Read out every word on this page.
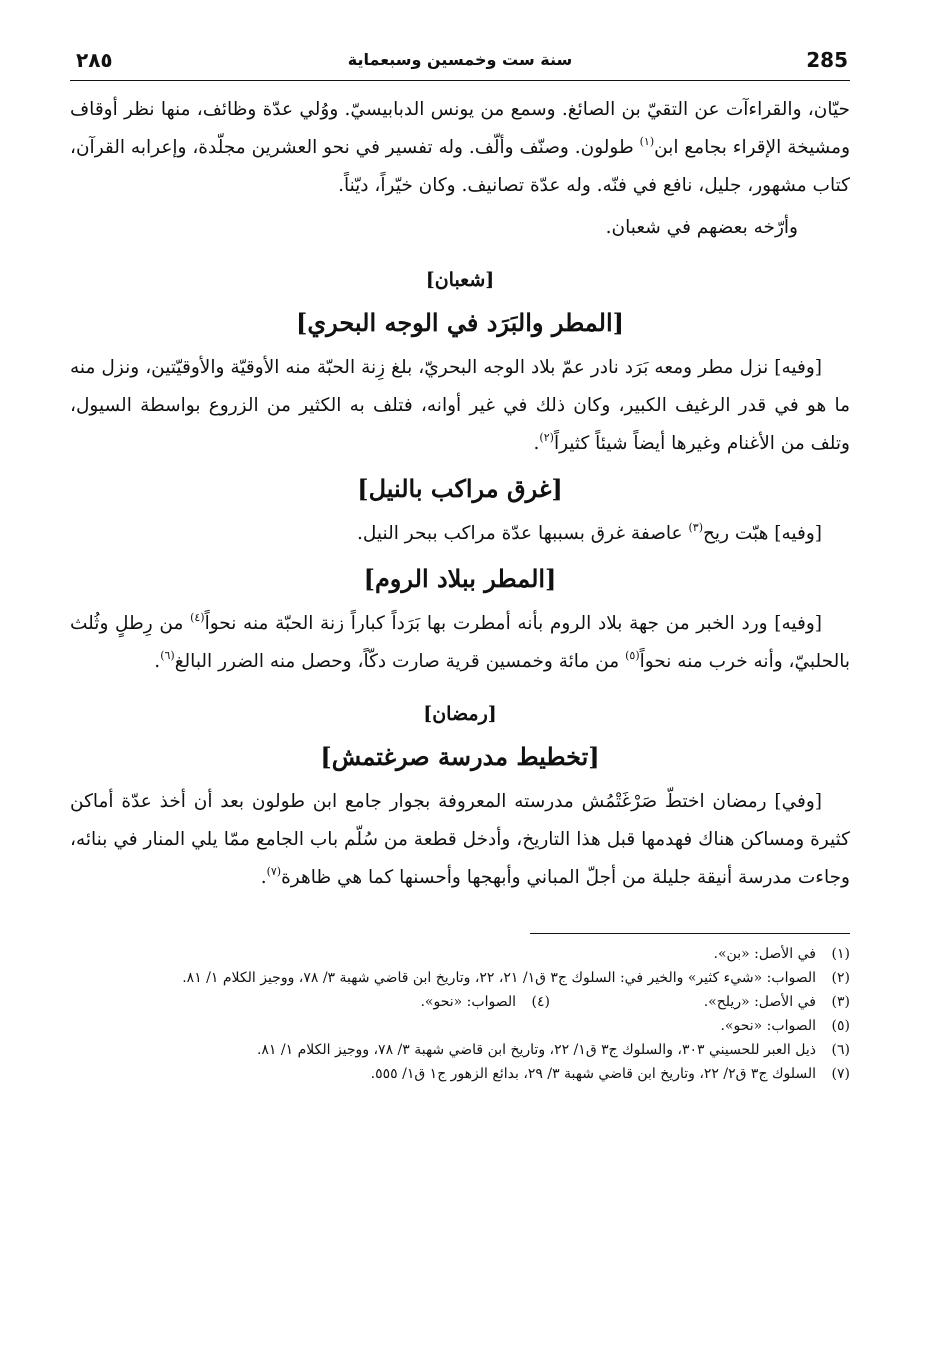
285
سنة ست وخمسين وسبعماية
٢٨٥

حيّان، والقراءآت عن التقيّ بن الصائغ. وسمع من يونس الدبابيسيّ. ووُلي عدّة وظائف، منها نظر أوقاف ومشيخة الإقراء بجامع ابن$^{(١)}$ طولون. وصنّف وألّف. وله تفسير في نحو العشرين مجلّدة، وإعرابه القرآن، كتاب مشهور، جليل، نافع في فنّه. وله عدّة تصانيف. وكان خيّراً، ديّناً.

وأرّخه بعضهم في شعبان.

[شعبان]
[المطر والبَرَد في الوجه البحري]

[وفيه] نزل مطر ومعه بَرَد نادر عمّ بلاد الوجه البحريّ، بلغ زِنة الحبّة منه الأوقيّة والأوقيّتين، ونزل منه ما هو في قدر الرغيف الكبير، وكان ذلك في غير أوانه، فتلف به الكثير من الزروع بواسطة السيول، وتلف من الأغنام وغيرها أيضاً شيئاً كثيراً$^{(٢)}$.

[غرق مراكب بالنيل]

[وفيه] هبّت ريح$^{(٣)}$ عاصفة غرق بسببها عدّة مراكب ببحر النيل.

[المطر ببلاد الروم]

[وفيه] ورد الخبر من جهة بلاد الروم بأنه أمطرت بها بَرَداً كباراً زنة الحبّة منه نحواً$^{(٤)}$ من رِطلٍ وثُلث بالحلبيّ، وأنه خرب منه نحواً$^{(٥)}$ من مائة وخمسين قرية صارت دكّاً، وحصل منه الضرر البالغ$^{(٦)}$.

[رمضان]
[تخطيط مدرسة صرغتمش]

[وفي] رمضان اختطّ صَرْغَتْمُش مدرسته المعروفة بجوار جامع ابن طولون بعد أن أخذ عدّة أماكن كثيرة ومساكن هناك فهدمها قبل هذا التاريخ، وأدخل قطعة من سُلّم باب الجامع ممّا يلي المنار في بنائه، وجاءت مدرسة أنيقة جليلة من أجلّ المباني وأبهجها وأحسنها كما هي ظاهرة$^{(٧)}$.

(١)
في الأصل: «بن».
(٢)
الصواب: «شيء كثير» والخير في: السلوك ج٣ ق١/ ٢١، ٢٢، وتاريخ ابن قاضي شهبة ٣/ ٧٨، ووجيز الكلام ١/ ٨١.
(٣)
في الأصل: «ريلح».
(٤)
الصواب: «نحو».
(٥)
الصواب: «نحو».
(٦)
ذيل العبر للحسيني ٣٠٣، والسلوك ج٣ ق١/ ٢٢، وتاريخ ابن قاضي شهبة ٣/ ٧٨، ووجيز الكلام ١/ ٨١.
(٧)
السلوك ج٣ ق٢/ ٢٢، وتاريخ ابن قاضي شهبة ٣/ ٢٩، بدائع الزهور ج١ ق١/ ٥٥٥.
